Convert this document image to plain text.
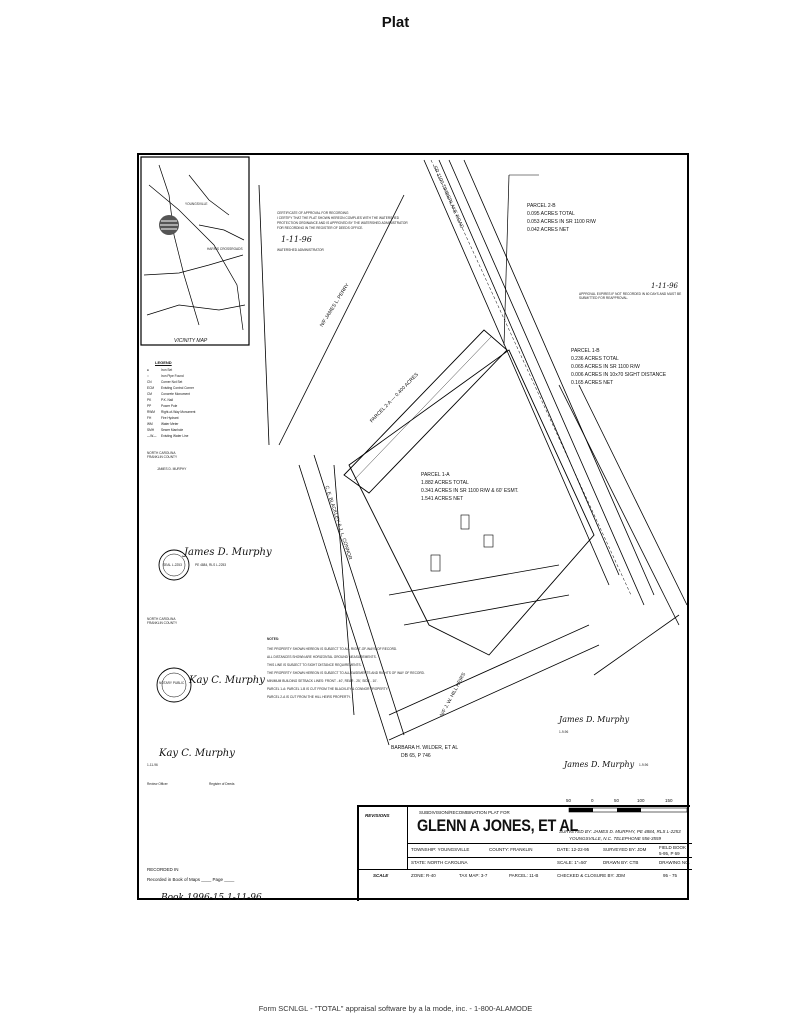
Plat
YOUNGSVILLE
HARRIS CROSSROADS
VICINITY MAP
LEGEND
●	Iron Set
○	Iron Pipe Found
CN	Corner Not Set
ECM Existing Control Corner
CM	Concrete Monument
PK	P.K. Nail
PP	Power Pole
RWM Right-of-Way Monument
FH	Fire Hydrant
WM	Water Meter
SMH Sewer Manhole
—W— Existing Water Line
NORTH CAROLINA
FRANKLIN COUNTY
JAMES D. MURPHY
James D. Murphy
PE 4884, RLS L-2253
SEAL L-2253
NORTH CAROLINA
FRANKLIN COUNTY
Kay C. Murphy
NOTARY PUBLIC
Kay C. Murphy
1-11-96
Review Officer	Register of Deeds
CERTIFICATE OF APPROVAL FOR RECORDING
I CERTIFY THAT THE PLAT SHOWN HEREON COMPLIES WITH THE WATERSHED
PROTECTION ORDINANCE AND IS APPROVED BY THE WATERSHED ADMINISTRATOR
FOR RECORDING IN THE REGISTER OF DEEDS OFFICE.
1-11-96
WATERSHED ADMINISTRATOR
PARCEL 2-B
0.095 ACRES TOTAL
0.053 ACRES IN SR 1100 R/W
0.042 ACRES NET
APPROVAL EXPIRES IF NOT RECORDED IN 60 DAYS AND MUST BE SUBMITTED FOR REAPPROVAL.
1-11-96
PARCEL 1-B
0.236 ACRES TOTAL
0.065 ACRES IN SR 1100 R/W
0.006 ACRES IN 10x70 SIGHT DISTANCE
0.165 ACRES NET
PARCEL 1-A
1.882 ACRES TOTAL
0.341 ACRES IN SR 1100 R/W & 60' ESMT.
1.541 ACRES NET
PARCEL 2-A — 0.400 ACRES
N/F JAMES L. PERRY
N/F J. W. HILL HEIRS
C. E. BLACKLEY & J. L. CONNOR
BARBARA H. WILDER, ET AL
DB 65, P 746
SR 1100 TIMBERLAKE ROAD
NOTES:
THE PROPERTY SHOWN HEREON IS SUBJECT TO ALL RIGHT-OF-WAYS OF RECORD.
ALL DISTANCES SHOWN ARE HORIZONTAL GROUND MEASUREMENTS.
THIS LINE IS SUBJECT TO SIGHT DISTANCE REQUIREMENTS.
THE PROPERTY SHOWN HEREON IS SUBJECT TO ALL EASEMENTS AND RIGHTS OF WAY OF RECORD.
MINIMUM BUILDING SETBACK LINES: FRONT - 40', REAR - 25', SIDE - 10'.
PARCEL 1-A: PARCEL 1-B IS CUT FROM THE BLACKLEY & CONNOR PROPERTY.
PARCEL 2-A IS CUT FROM THE HILL HEIRS PROPERTY.
James D. Murphy
1-9-96
James D. Murphy 1-9-96
RECORDED IN
Recorded in Book of Maps ____ Page ____
REVISIONS
SUBDIVISION/RECOMBINATION PLAT FOR
GLENN A JONES, ET AL
SURVEYED BY: JAMES D. MURPHY, PE 4884, RLS L-2253
YOUNGSVILLE, N.C. TELEPHONE 556-3559
TOWNSHIP: YOUNGSVILLE	COUNTY: FRANKLIN	DATE: 12-22-95	SURVEYED BY: JDM	FIELD BOOK
5-95, P 69
STATE: NORTH CAROLINA	SCALE: 1"=50'	DRAWN BY: CTB	DRAWING NO.
SCALE	ZONE: R-40	TAX MAP: 3-7	PARCEL: 11-B	CHECKED & CLOSURE BY: JDM	95 - 75
50	0	50	100	150
Book 1996-15 1-11-96
Form SCNLGL - "TOTAL" appraisal software by a la mode, inc. - 1-800-ALAMODE
